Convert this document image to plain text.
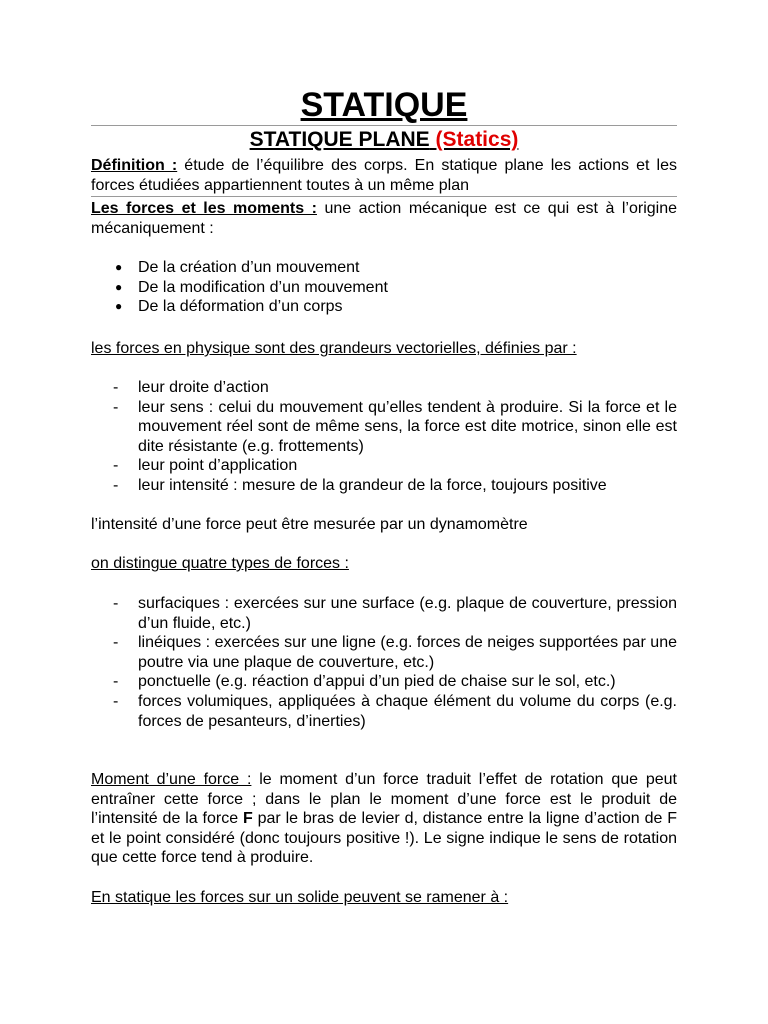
STATIQUE
STATIQUE PLANE (Statics)
Définition : étude de l’équilibre des corps. En statique plane les actions et les forces étudiées appartiennent toutes à un même plan
Les forces et les moments : une action mécanique est ce qui est à l’origine mécaniquement :
● De la création d’un mouvement
● De la modification d’un mouvement
● De la déformation d’un corps
les forces en physique sont des grandeurs vectorielles, définies par :
- leur droite d’action
- leur sens : celui du mouvement qu’elles tendent à produire. Si la force et le mouvement réel sont de même sens, la force est dite motrice, sinon elle est dite résistante (e.g. frottements)
- leur point d’application
- leur intensité : mesure de la grandeur de la force, toujours positive
l’intensité d’une force peut être mesurée par un dynamomètre
on distingue quatre types de forces :
- surfaciques : exercées sur une surface (e.g. plaque de couverture, pression d’un fluide, etc.)
- linéiques : exercées sur une ligne (e.g. forces de neiges supportées par une poutre via une plaque de couverture, etc.)
- ponctuelle (e.g. réaction d’appui d’un pied de chaise sur le sol, etc.)
- forces volumiques, appliquées à chaque élément du volume du corps (e.g. forces de pesanteurs, d’inerties)
Moment d’une force : le moment d’un force traduit l’effet de rotation que peut entraîner cette force ; dans le plan le moment d’une force est le produit de l’intensité de la force F par le bras de levier d, distance entre la ligne d’action de F et le point considéré (donc toujours positive !). Le signe indique le sens de rotation que cette force tend à produire.
En statique les forces sur un solide peuvent se ramener à :
